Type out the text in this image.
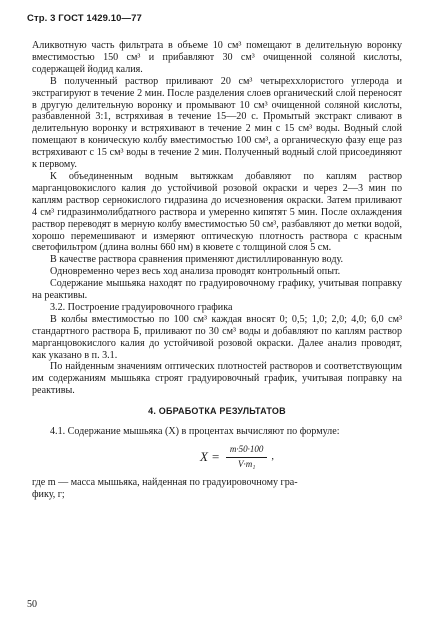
Стр. 3 ГОСТ 1429.10—77

Аликвотную часть фильтрата в объеме 10 см³ помещают в делительную воронку вместимостью 150 см³ и прибавляют 30 см³ очищенной соляной кислоты, содержащей йодид калия.

В полученный раствор приливают 20 см³ четыреххлористого углерода и экстрагируют в течение 2 мин. После разделения слоев органический слой переносят в другую делительную воронку и промывают 10 см³ очищенной соляной кислоты, разбавленной 3:1, встряхивая в течение 15—20 с. Промытый экстракт сливают в делительную воронку и встряхивают в течение 2 мин с 15 см³ воды. Водный слой помещают в коническую колбу вместимостью 100 см³, а органическую фазу еще раз встряхивают с 15 см³ воды в течение 2 мин. Полученный водный слой присоединяют к первому.

К объединенным водным вытяжкам добавляют по каплям раствор марганцовокислого калия до устойчивой розовой окраски и через 2—3 мин по каплям раствор сернокислого гидразина до исчезновения окраски. Затем приливают 4 см³ гидразинмолибдатного раствора и умеренно кипятят 5 мин. После охлаждения раствор переводят в мерную колбу вместимостью 50 см³, разбавляют до метки водой, хорошо перемешивают и измеряют оптическую плотность раствора с красным светофильтром (длина волны 660 нм) в кювете с толщиной слоя 5 см.

В качестве раствора сравнения применяют дистиллированную воду.

Одновременно через весь ход анализа проводят контрольный опыт.

Содержание мышьяка находят по градуировочному графику, учитывая поправку на реактивы.

3.2. Построение градуировочного графика

В колбы вместимостью по 100 см³ каждая вносят 0; 0,5; 1,0; 2,0; 4,0; 6,0 см³ стандартного раствора Б, приливают по 30 см³ воды и добавляют по каплям раствор марганцовокислого калия до устойчивой розовой окраски. Далее анализ проводят, как указано в п. 3.1.

По найденным значениям оптических плотностей растворов и соответствующим им содержаниям мышьяка строят градуировочный график, учитывая поправку на реактивы.

4. ОБРАБОТКА РЕЗУЛЬТАТОВ

4.1. Содержание мышьяка (X) в процентах вычисляют по формуле:

$X = \frac{m\cdot 50\cdot 100}{\text{V·m₁}}$ ,

где m — масса мышьяка, найденная по градуировочному гра-

фику, г;

50
